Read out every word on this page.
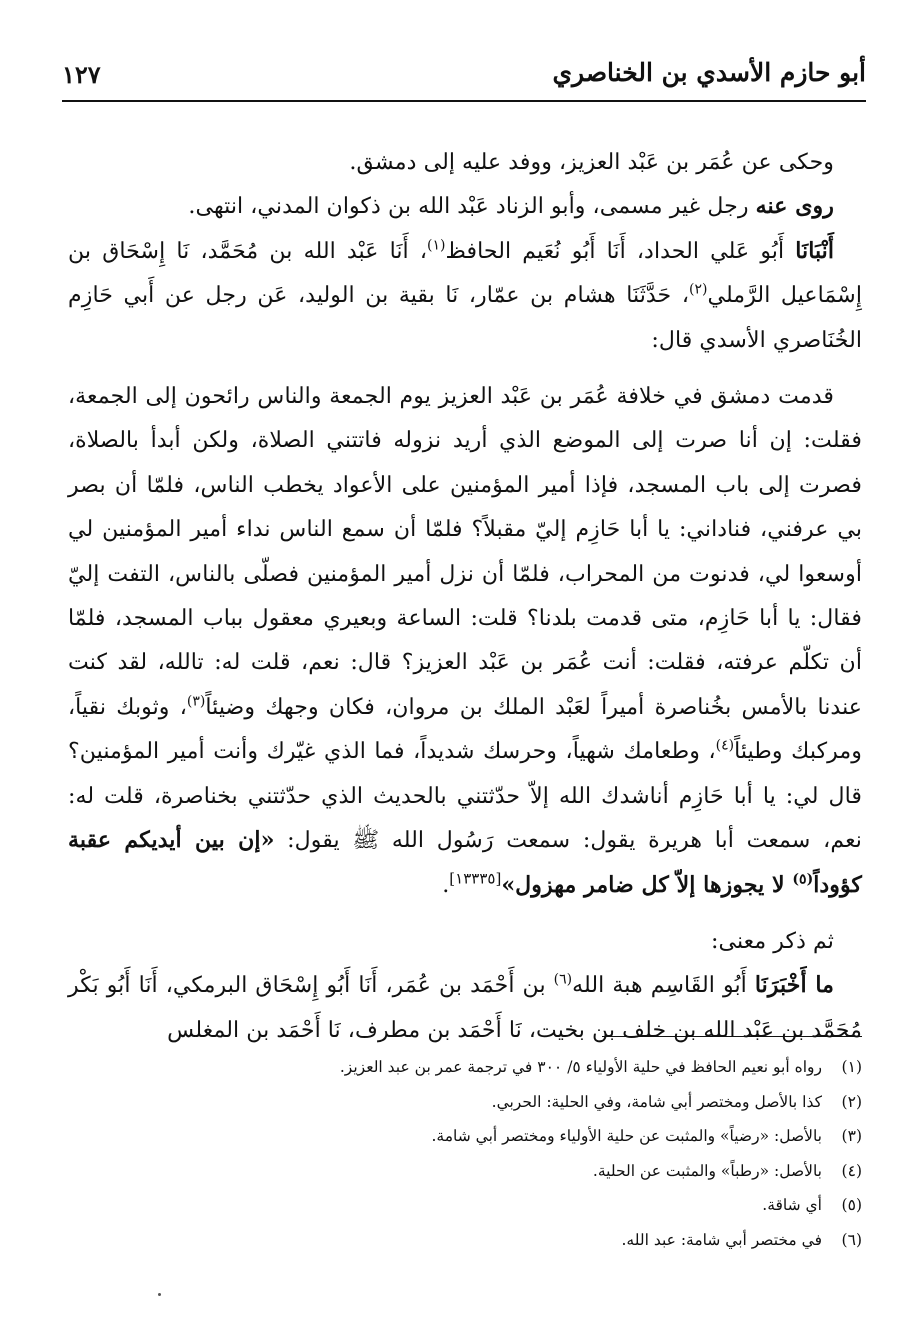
أبو حازم الأسدي بن الخناصري
١٢٧

وحكى عن عُمَر بن عَبْد العزيز، ووفد عليه إلى دمشق.

روى عنه رجل غير مسمى، وأبو الزناد عَبْد الله بن ذكوان المدني، انتهى.

أَنْبَانَا أَبُو عَلي الحداد، أَنَا أَبُو نُعَيم الحافظ$^{(١)}$، أَنَا عَبْد الله بن مُحَمَّد، نَا إِسْحَاق بن إِسْمَاعيل الرَّملي$^{(٢)}$، حَدَّثَنَا هشام بن عمّار، نَا بقية بن الوليد، عَن رجل عن أَبي حَازِم الخُنَاصري الأسدي قال:

قدمت دمشق في خلافة عُمَر بن عَبْد العزيز يوم الجمعة والناس رائحون إلى الجمعة، فقلت: إن أنا صرت إلى الموضع الذي أريد نزوله فاتتني الصلاة، ولكن أبدأ بالصلاة، فصرت إلى باب المسجد، فإذا أمير المؤمنين على الأعواد يخطب الناس، فلمّا أن بصر بي عرفني، فناداني: يا أبا حَازِم إليّ مقبلاً؟ فلمّا أن سمع الناس نداء أمير المؤمنين لي أوسعوا لي، فدنوت من المحراب، فلمّا أن نزل أمير المؤمنين فصلّى بالناس، التفت إليّ فقال: يا أبا حَازِم، متى قدمت بلدنا؟ قلت: الساعة وبعيري معقول بباب المسجد، فلمّا أن تكلّم عرفته، فقلت: أنت عُمَر بن عَبْد العزيز؟ قال: نعم، قلت له: تالله، لقد كنت عندنا بالأمس بخُناصرة أميراً لعَبْد الملك بن مروان، فكان وجهك وضيئاً$^{(٣)}$، وثوبك نقياً، ومركبك وطيئاً$^{(٤)}$، وطعامك شهياً، وحرسك شديداً، فما الذي غيّرك وأنت أمير المؤمنين؟ قال لي: يا أبا حَازِم أناشدك الله إلاّ حدّثتني بالحديث الذي حدّثتني بخناصرة، قلت له: نعم، سمعت أبا هريرة يقول: سمعت رَسُول الله ﷺ يقول: «إن بين أيديكم عقبة كؤوداً$^{(٥)}$ لا يجوزها إلاّ كل ضامر مهزول»[١٣٣٣٥].

ثم ذكر معنى:

ما أَخْبَرَنَا أَبُو القَاسِم هبة الله$^{(٦)}$ بن أَحْمَد بن عُمَر، أَنَا أَبُو إِسْحَاق البرمكي، أَنَا أَبُو بَكْر مُحَمَّد بن عَبْد الله بن خلف بن بخيت، نَا أَحْمَد بن مطرف، نَا أَحْمَد بن المغلس

(١)
رواه أبو نعيم الحافظ في حلية الأولياء ٥/ ٣٠٠ في ترجمة عمر بن عبد العزيز.
(٢)
كذا بالأصل ومختصر أبي شامة، وفي الحلية: الحربي.
(٣)
بالأصل: «رضياً» والمثبت عن حلية الأولياء ومختصر أبي شامة.
(٤)
بالأصل: «رطباً» والمثبت عن الحلية.
(٥)
أي شاقة.
(٦)
في مختصر أبي شامة: عبد الله.
